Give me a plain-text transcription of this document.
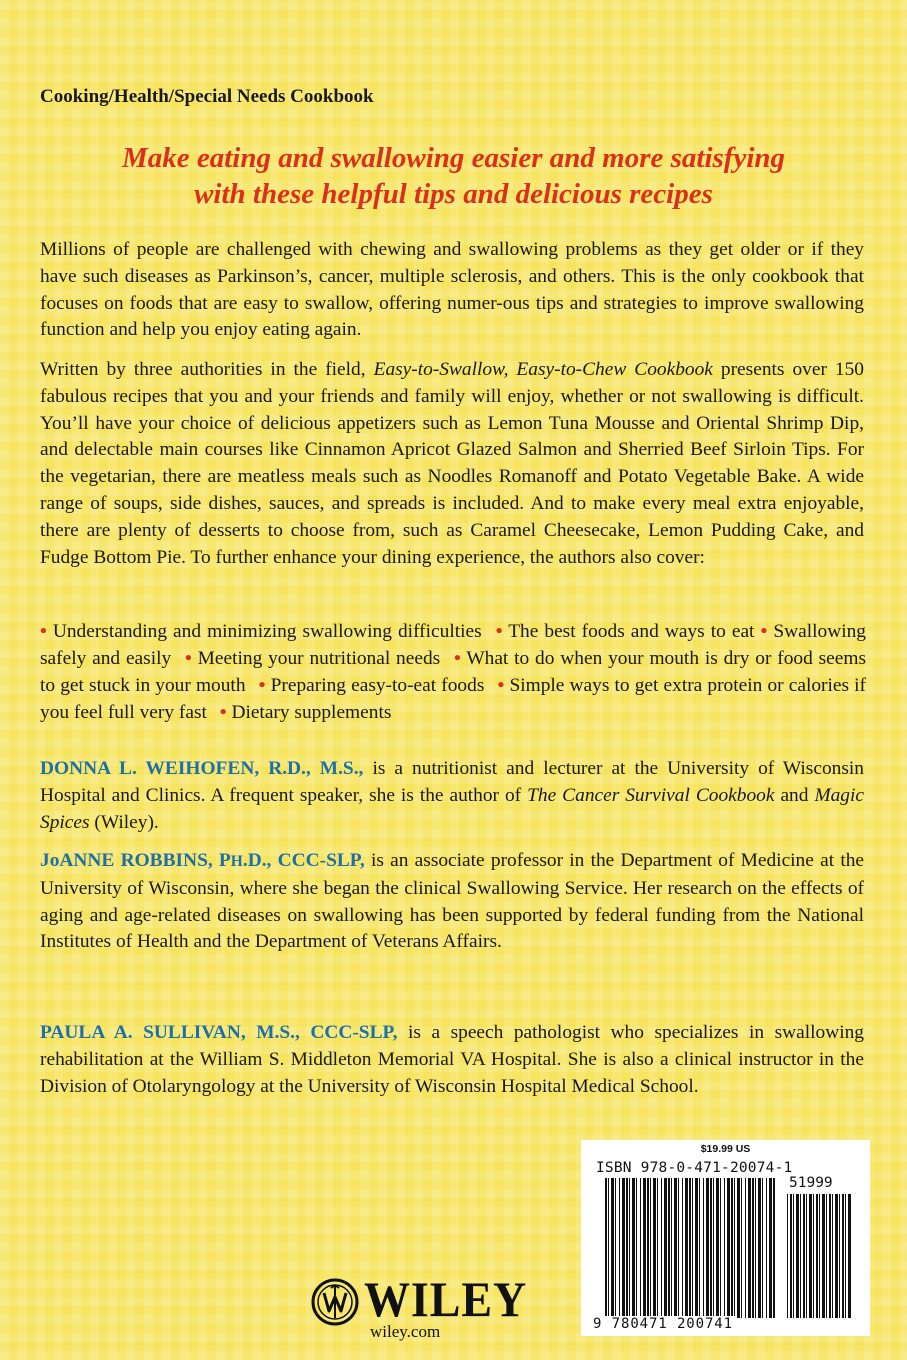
Cooking/Health/Special Needs Cookbook
Make eating and swallowing easier and more satisfying
with these helpful tips and delicious recipes
Millions of people are challenged with chewing and swallowing problems as they get older or if they have such diseases as Parkinson’s, cancer, multiple sclerosis, and others. This is the only cookbook that focuses on foods that are easy to swallow, offering numer-ous tips and strategies to improve swallowing function and help you enjoy eating again.
Written by three authorities in the field, Easy-to-Swallow, Easy-to-Chew Cookbook presents over 150 fabulous recipes that you and your friends and family will enjoy, whether or not swallowing is difficult. You’ll have your choice of delicious appetizers such as Lemon Tuna Mousse and Oriental Shrimp Dip, and delectable main courses like Cinnamon Apricot Glazed Salmon and Sherried Beef Sirloin Tips. For the vegetarian, there are meatless meals such as Noodles Romanoff and Potato Vegetable Bake. A wide range of soups, side dishes, sauces, and spreads is included. And to make every meal extra enjoyable, there are plenty of desserts to choose from, such as Caramel Cheesecake, Lemon Pudding Cake, and Fudge Bottom Pie. To further enhance your dining experience, the authors also cover:
• Understanding and minimizing swallowing difficulties • The best foods and ways to eat • Swallowing safely and easily • Meeting your nutritional needs • What to do when your mouth is dry or food seems to get stuck in your mouth • Preparing easy-to-eat foods • Simple ways to get extra protein or calories if you feel full very fast • Dietary supplements
DONNA L. WEIHOFEN, R.D., M.S., is a nutritionist and lecturer at the University of Wisconsin Hospital and Clinics. A frequent speaker, she is the author of The Cancer Survival Cookbook and Magic Spices (Wiley).
JoANNE ROBBINS, PH.D., CCC-SLP, is an associate professor in the Department of Medicine at the University of Wisconsin, where she began the clinical Swallowing Service. Her research on the effects of aging and age-related diseases on swallowing has been supported by federal funding from the National Institutes of Health and the Department of Veterans Affairs.
PAULA A. SULLIVAN, M.S., CCC-SLP, is a speech pathologist who specializes in swallowing rehabilitation at the William S. Middleton Memorial VA Hospital. She is also a clinical instructor in the Division of Otolaryngology at the University of Wisconsin Hospital Medical School.
$19.99 US
ISBN 978-0-471-20074-1
51999
9 780471 200741
WILEY
wiley.com
